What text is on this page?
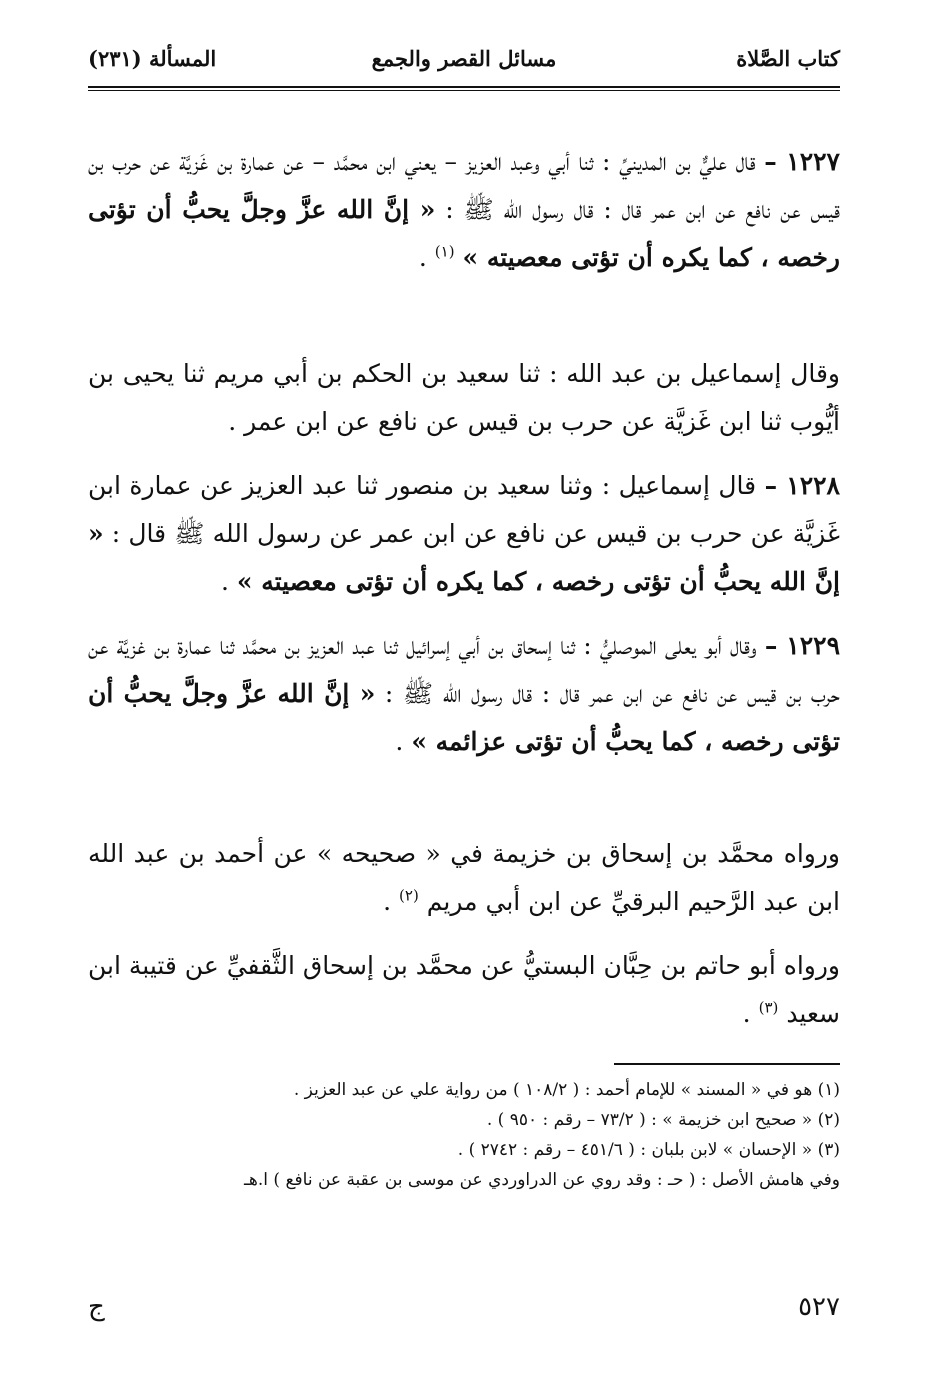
كتاب الصَّلاة
مسائل القصر والجمع
المسألة (٢٣١)

١٢٢٧ – قال عليٌّ بن المدينيِّ : ثنا أبي وعبد العزيز – يعني ابن محمَّد – عن عمارة بن غَزيَّة عن حرب بن قيس عن نافع عن ابن عمر قال : قال رسول الله ﷺ : « إنَّ الله عزَّ وجلَّ يحبُّ أن تؤتى رخصه ، كما يكره أن تؤتى معصيته » $^{(١)}$ .

وقال إسماعيل بن عبد الله : ثنا سعيد بن الحكم بن أبي مريم ثنا يحيى بن أيُّوب ثنا ابن غَزيَّة عن حرب بن قيس عن نافع عن ابن عمر .

١٢٢٨ – قال إسماعيل : وثنا سعيد بن منصور ثنا عبد العزيز عن عمارة ابن غَزيَّة عن حرب بن قيس عن نافع عن ابن عمر عن رسول الله ﷺ قال : « إنَّ الله يحبُّ أن تؤتى رخصه ، كما يكره أن تؤتى معصيته » .

١٢٢٩ – وقال أبو يعلى الموصليُّ : ثنا إسحاق بن أبي إسرائيل ثنا عبد العزيز بن محمَّد ثنا عمارة بن غزيَّة عن حرب بن قيس عن نافع عن ابن عمر قال : قال رسول الله ﷺ : « إنَّ الله عزَّ وجلَّ يحبُّ أن تؤتى رخصه ، كما يحبُّ أن تؤتى عزائمه » .

ورواه محمَّد بن إسحاق بن خزيمة في « صحيحه » عن أحمد بن عبد الله ابن عبد الرَّحيم البرقيِّ عن ابن أبي مريم $^{(٢)}$ .

ورواه أبو حاتم بن حِبَّان البستيُّ عن محمَّد بن إسحاق الثَّقفيِّ عن قتيبة ابن سعيد $^{(٣)}$ .

(١) هو في « المسند » للإمام أحمد : ( ١٠٨/٢ ) من رواية علي عن عبد العزيز .
(٢) « صحيح ابن خزيمة » : ( ٧٣/٢ – رقم : ٩٥٠ ) .
(٣) « الإحسان » لابن بلبان : ( ٤٥١/٦ – رقم : ٢٧٤٢ ) .
وفي هامش الأصل : ( حـ : وقد روي عن الدراوردي عن موسى بن عقبة عن نافع ) ا.هـ
٥٢٧
ج
